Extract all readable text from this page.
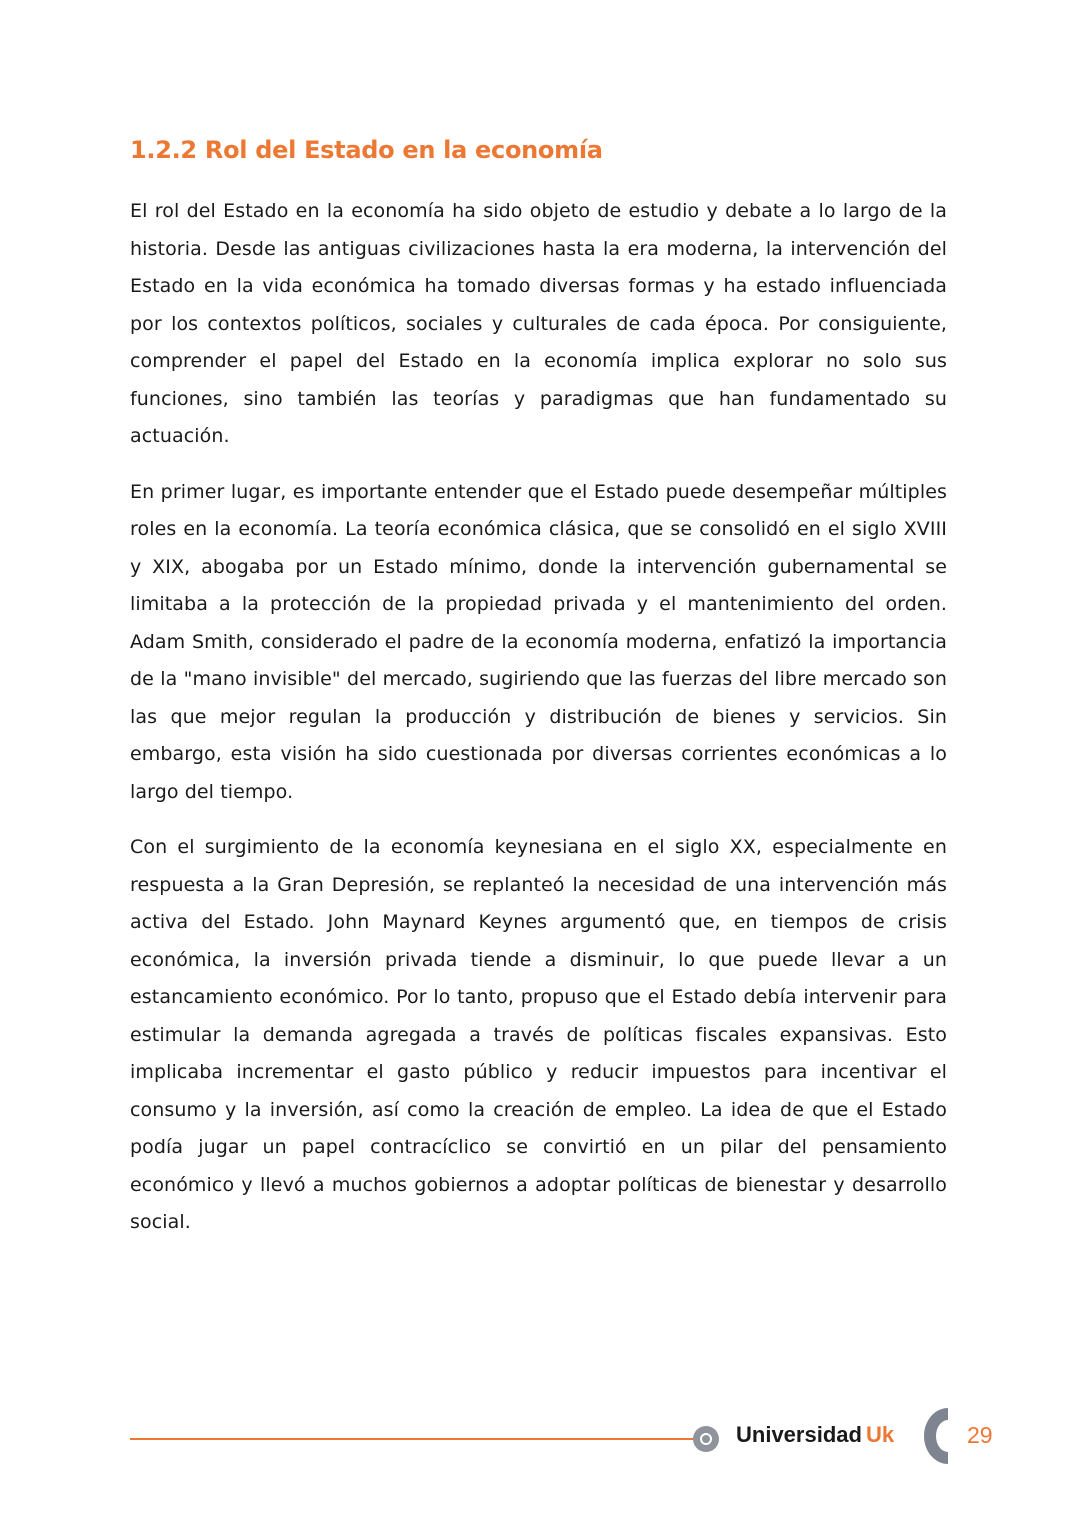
1.2.2 Rol del Estado en la economía

El rol del Estado en la economía ha sido objeto de estudio y debate a lo largo de la historia. Desde las antiguas civilizaciones hasta la era moderna, la intervención del Estado en la vida económica ha tomado diversas formas y ha estado influenciada por los contextos políticos, sociales y culturales de cada época. Por consiguiente, comprender el papel del Estado en la economía implica explorar no solo sus funciones, sino también las teorías y paradigmas que han fundamentado su actuación.

En primer lugar, es importante entender que el Estado puede desempeñar múltiples roles en la economía. La teoría económica clásica, que se consolidó en el siglo XVIII y XIX, abogaba por un Estado mínimo, donde la intervención gubernamental se limitaba a la protección de la propiedad privada y el mantenimiento del orden. Adam Smith, considerado el padre de la economía moderna, enfatizó la importancia de la "mano invisible" del mercado, sugiriendo que las fuerzas del libre mercado son las que mejor regulan la producción y distribución de bienes y servicios. Sin embargo, esta visión ha sido cuestionada por diversas corrientes económicas a lo largo del tiempo.

Con el surgimiento de la economía keynesiana en el siglo XX, especialmente en respuesta a la Gran Depresión, se replanteó la necesidad de una intervención más activa del Estado. John Maynard Keynes argumentó que, en tiempos de crisis económica, la inversión privada tiende a disminuir, lo que puede llevar a un estancamiento económico. Por lo tanto, propuso que el Estado debía intervenir para estimular la demanda agregada a través de políticas fiscales expansivas. Esto implicaba incrementar el gasto público y reducir impuestos para incentivar el consumo y la inversión, así como la creación de empleo. La idea de que el Estado podía jugar un papel contracíclico se convirtió en un pilar del pensamiento económico y llevó a muchos gobiernos a adoptar políticas de bienestar y desarrollo social.

Universidad Uk	29
